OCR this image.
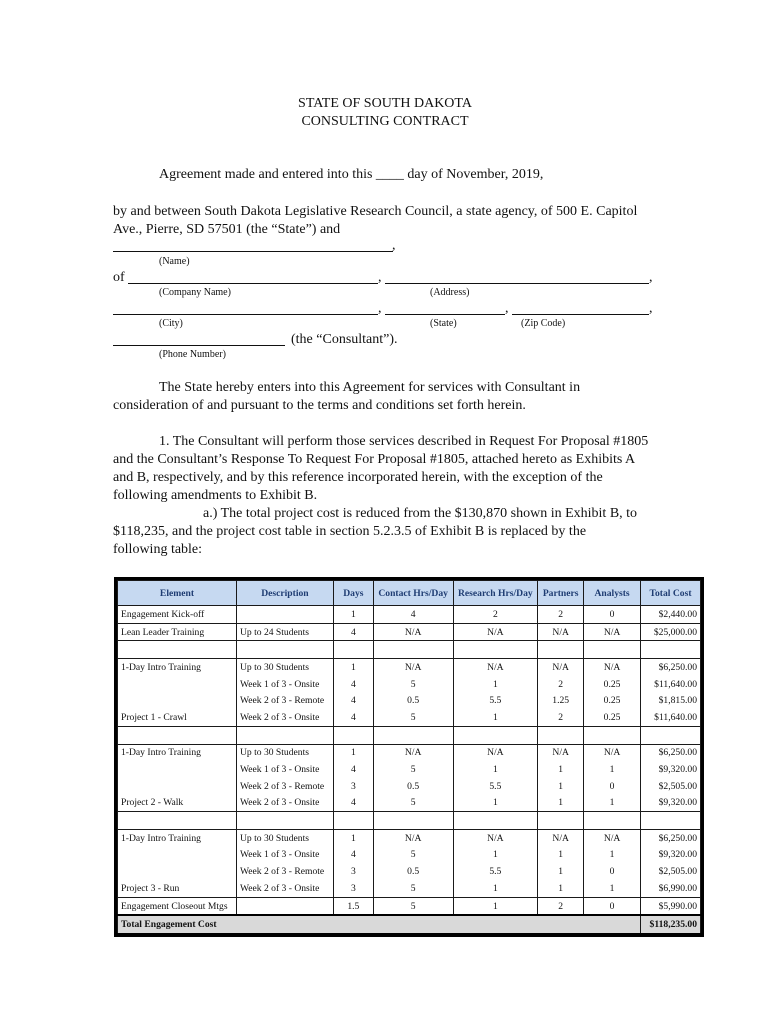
STATE OF SOUTH DAKOTA
CONSULTING CONTRACT
Agreement made and entered into this ____ day of November, 2019,
by and between South Dakota Legislative Research Council, a state agency, of 500 E. Capitol Ave., Pierre, SD 57501 (the “State”) and
,
(Name)
of	,	,
(Company Name)	(Address)
,	,	,
(City)	(State)	(Zip Code)
(the “Consultant”).
(Phone Number)
The State hereby enters into this Agreement for services with Consultant in consideration of and pursuant to the terms and conditions set forth herein.
1. The Consultant will perform those services described in Request For Proposal #1805 and the Consultant’s Response To Request For Proposal #1805, attached hereto as Exhibits A and B, respectively, and by this reference incorporated herein, with the exception of the following amendments to Exhibit B.
a.) The total project cost is reduced from the $130,870 shown in Exhibit B, to $118,235, and the project cost table in section 5.2.3.5 of Exhibit B is replaced by the following table:
Element	Description	Days	Contact Hrs/Day	Research Hrs/Day	Partners	Analysts	Total Cost
Engagement Kick-off		1	4	2	2	0	$2,440.00
Lean Leader Training	Up to 24 Students	4	N/A	N/A	N/A	N/A	$25,000.00

1-Day Intro Training	Up to 30 Students	1	N/A	N/A	N/A	N/A	$6,250.00
	Week 1 of 3 - Onsite	4	5	1	2	0.25	$11,640.00
	Week 2 of 3 - Remote	4	0.5	5.5	1.25	0.25	$1,815.00
Project 1 - Crawl	Week 2 of 3 - Onsite	4	5	1	2	0.25	$11,640.00

1-Day Intro Training	Up to 30 Students	1	N/A	N/A	N/A	N/A	$6,250.00
	Week 1 of 3 - Onsite	4	5	1	1	1	$9,320.00
	Week 2 of 3 - Remote	3	0.5	5.5	1	0	$2,505.00
Project 2 - Walk	Week 2 of 3 - Onsite	4	5	1	1	1	$9,320.00

1-Day Intro Training	Up to 30 Students	1	N/A	N/A	N/A	N/A	$6,250.00
	Week 1 of 3 - Onsite	4	5	1	1	1	$9,320.00
	Week 2 of 3 - Remote	3	0.5	5.5	1	0	$2,505.00
Project 3 - Run	Week 2 of 3 - Onsite	3	5	1	1	1	$6,990.00
Engagement Closeout Mtgs		1.5	5	1	2	0	$5,990.00
Total Engagement Cost							$118,235.00
